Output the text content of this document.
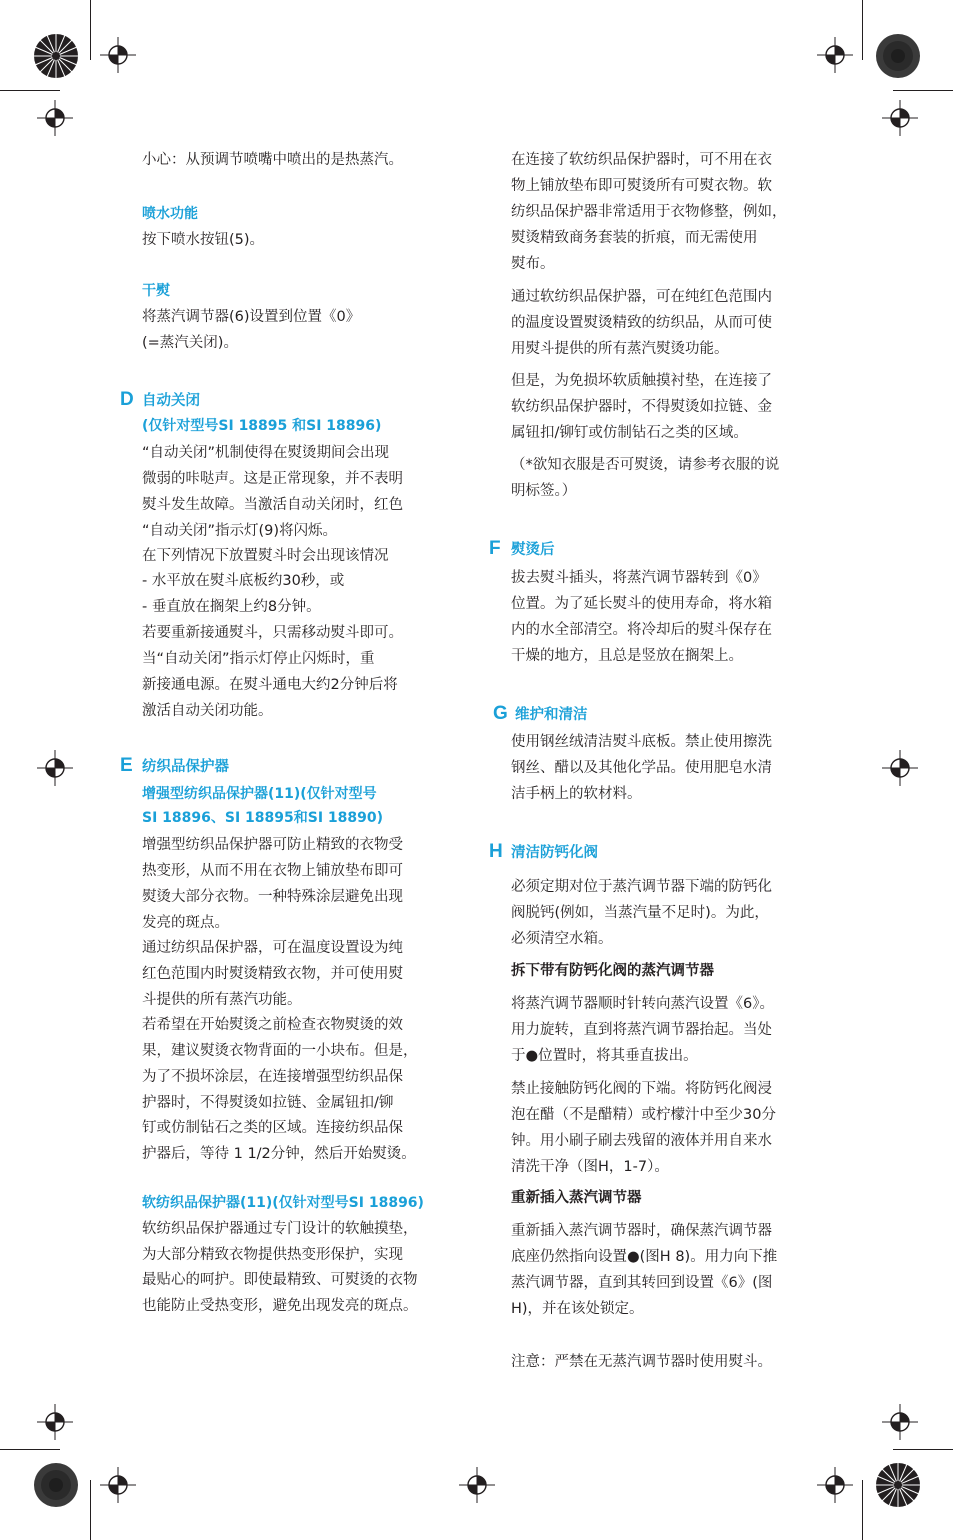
小心：从预调节喷嘴中喷出的是热蒸汽。

喷水功能

按下喷水按钮(5)。

干熨

将蒸汽调节器(6)设置到位置《0》

(=蒸汽关闭)。

D 自动关闭

(仅针对型号SI 18895 和SI 18896)

“自动关闭”机制使得在熨烫期间会出现

微弱的咔哒声。这是正常现象，并不表明

熨斗发生故障。当激活自动关闭时，红色

“自动关闭”指示灯(9)将闪烁。

在下列情况下放置熨斗时会出现该情况

- 水平放在熨斗底板约30秒，或

- 垂直放在搁架上约8分钟。

若要重新接通熨斗，只需移动熨斗即可。

当“自动关闭”指示灯停止闪烁时，重

新接通电源。在熨斗通电大约2分钟后将

激活自动关闭功能。

E 纺织品保护器

增强型纺织品保护器(11)(仅针对型号

SI 18896、SI 18895和SI 18890)

增强型纺织品保护器可防止精致的衣物受

热变形，从而不用在衣物上铺放垫布即可

熨烫大部分衣物。一种特殊涂层避免出现

发亮的斑点。

通过纺织品保护器，可在温度设置设为纯

红色范围内时熨烫精致衣物，并可使用熨

斗提供的所有蒸汽功能。

若希望在开始熨烫之前检查衣物熨烫的效

果，建议熨烫衣物背面的一小块布。但是，

为了不损坏涂层，在连接增强型纺织品保

护器时，不得熨烫如拉链、金属钮扣/铆

钉或仿制钻石之类的区域。连接纺织品保

护器后，等待 1 1/2分钟，然后开始熨烫。

软纺织品保护器(11)(仅针对型号SI 18896)

软纺织品保护器通过专门设计的软触摸垫，

为大部分精致衣物提供热变形保护，实现

最贴心的呵护。即使最精致、可熨烫的衣物

也能防止受热变形，避免出现发亮的斑点。

在连接了软纺织品保护器时，可不用在衣

物上铺放垫布即可熨烫所有可熨衣物。软

纺织品保护器非常适用于衣物修整，例如，

熨烫精致商务套装的折痕，而无需使用

熨布。

通过软纺织品保护器，可在纯红色范围内

的温度设置熨烫精致的纺织品，从而可使

用熨斗提供的所有蒸汽熨烫功能。

但是，为免损坏软质触摸衬垫，在连接了

软纺织品保护器时，不得熨烫如拉链、金

属钮扣/铆钉或仿制钻石之类的区域。

（*欲知衣服是否可熨烫，请参考衣服的说

明标签。）

F 熨烫后

拔去熨斗插头，将蒸汽调节器转到《0》

位置。为了延长熨斗的使用寿命，将水箱

内的水全部清空。将冷却后的熨斗保存在

干燥的地方，且总是竖放在搁架上。

G 维护和清洁

使用钢丝绒清洁熨斗底板。禁止使用擦洗

钢丝、醋以及其他化学品。使用肥皂水清

洁手柄上的软材料。

H 清洁防钙化阀

必须定期对位于蒸汽调节器下端的防钙化

阀脱钙(例如，当蒸汽量不足时)。为此，

必须清空水箱。

拆下带有防钙化阀的蒸汽调节器

将蒸汽调节器顺时针转向蒸汽设置《6》。

用力旋转，直到将蒸汽调节器抬起。当处

于●位置时，将其垂直拔出。

禁止接触防钙化阀的下端。将防钙化阀浸

泡在醋（不是醋精）或柠檬汁中至少30分

钟。用小刷子刷去残留的液体并用自来水

清洗干净（图H，1-7）。

重新插入蒸汽调节器

重新插入蒸汽调节器时，确保蒸汽调节器

底座仍然指向设置●(图H 8)。用力向下推

蒸汽调节器，直到其转回到设置《6》(图

H)，并在该处锁定。

注意：严禁在无蒸汽调节器时使用熨斗。
